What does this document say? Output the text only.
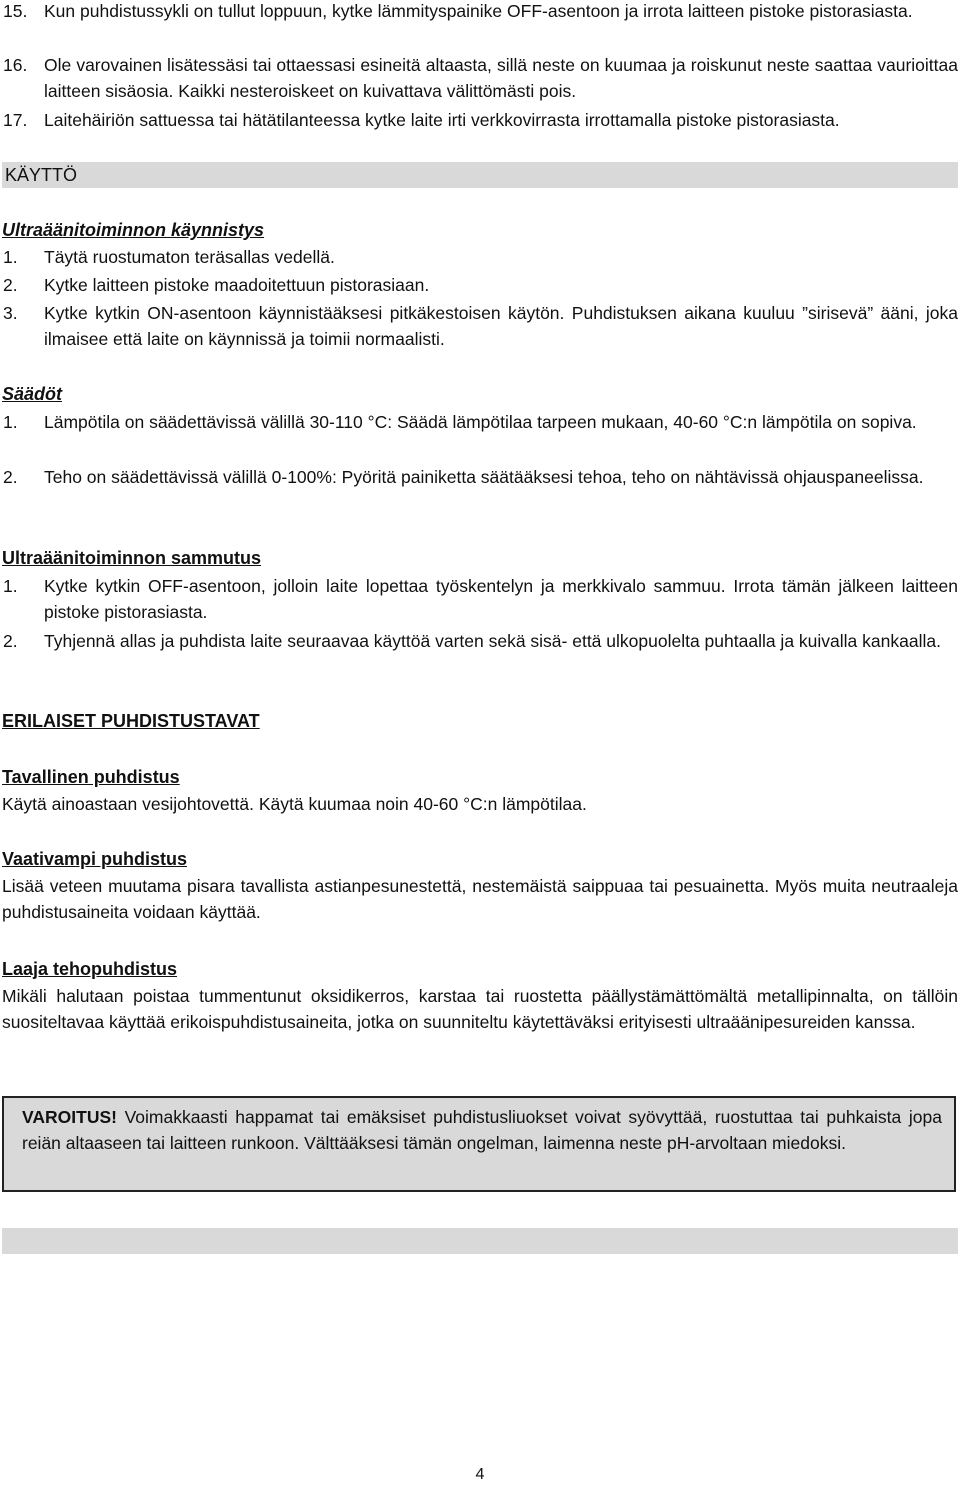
15. Kun puhdistussykli on tullut loppuun, kytke lämmityspainike OFF-asentoon ja irrota laitteen pistoke pistorasiasta.
16. Ole varovainen lisätessäsi tai ottaessasi esineitä altaasta, sillä neste on kuumaa ja roiskunut neste saattaa vaurioittaa laitteen sisäosia. Kaikki nesteroiskeet on kuivattava välittömästi pois.
17. Laitehäiriön sattuessa tai hätätilanteessa kytke laite irti verkkovirrasta irrottamalla pistoke pistorasiasta.
KÄYTTÖ
Ultraäänitoiminnon käynnistys
1. Täytä ruostumaton teräsallas vedellä.
2. Kytke laitteen pistoke maadoitettuun pistorasiaan.
3. Kytke kytkin ON-asentoon käynnistääksesi pitkäkestoisen käytön. Puhdistuksen aikana kuuluu ”sirisevä” ääni, joka ilmaisee että laite on käynnissä ja toimii normaalisti.
Säädöt
1. Lämpötila on säädettävissä välillä 30-110 °C: Säädä lämpötilaa tarpeen mukaan, 40-60 °C:n lämpötila on sopiva.
2. Teho on säädettävissä välillä 0-100%: Pyöritä painiketta säätääksesi tehoa, teho on nähtävissä ohjauspaneelissa.
Ultraäänitoiminnon sammutus
1. Kytke kytkin OFF-asentoon, jolloin laite lopettaa työskentelyn ja merkkivalo sammuu. Irrota tämän jälkeen laitteen pistoke pistorasiasta.
2. Tyhjennä allas ja puhdista laite seuraavaa käyttöä varten sekä sisä- että ulkopuolelta puhtaalla ja kuivalla kankaalla.
ERILAISET PUHDISTUSTAVAT
Tavallinen puhdistus
Käytä ainoastaan vesijohtovettä. Käytä kuumaa noin 40-60 °C:n lämpötilaa.
Vaativampi puhdistus
Lisää veteen muutama pisara tavallista astianpesunestettä, nestemäistä saippuaa tai pesuainetta. Myös muita neutraaleja puhdistusaineita voidaan käyttää.
Laaja tehopuhdistus
Mikäli halutaan poistaa tummentunut oksidikerros, karstaa tai ruostetta päällystämättömältä metallipinnalta, on tällöin suositeltavaa käyttää erikoispuhdistusaineita, jotka on suunniteltu käytettäväksi erityisesti ultraäänipesureiden kanssa.
VAROITUS! Voimakkaasti happamat tai emäksiset puhdistusliuokset voivat syövyttää, ruostuttaa tai puhkaista jopa reiän altaaseen tai laitteen runkoon. Välttääksesi tämän ongelman, laimenna neste pH-arvoltaan miedoksi.
4
